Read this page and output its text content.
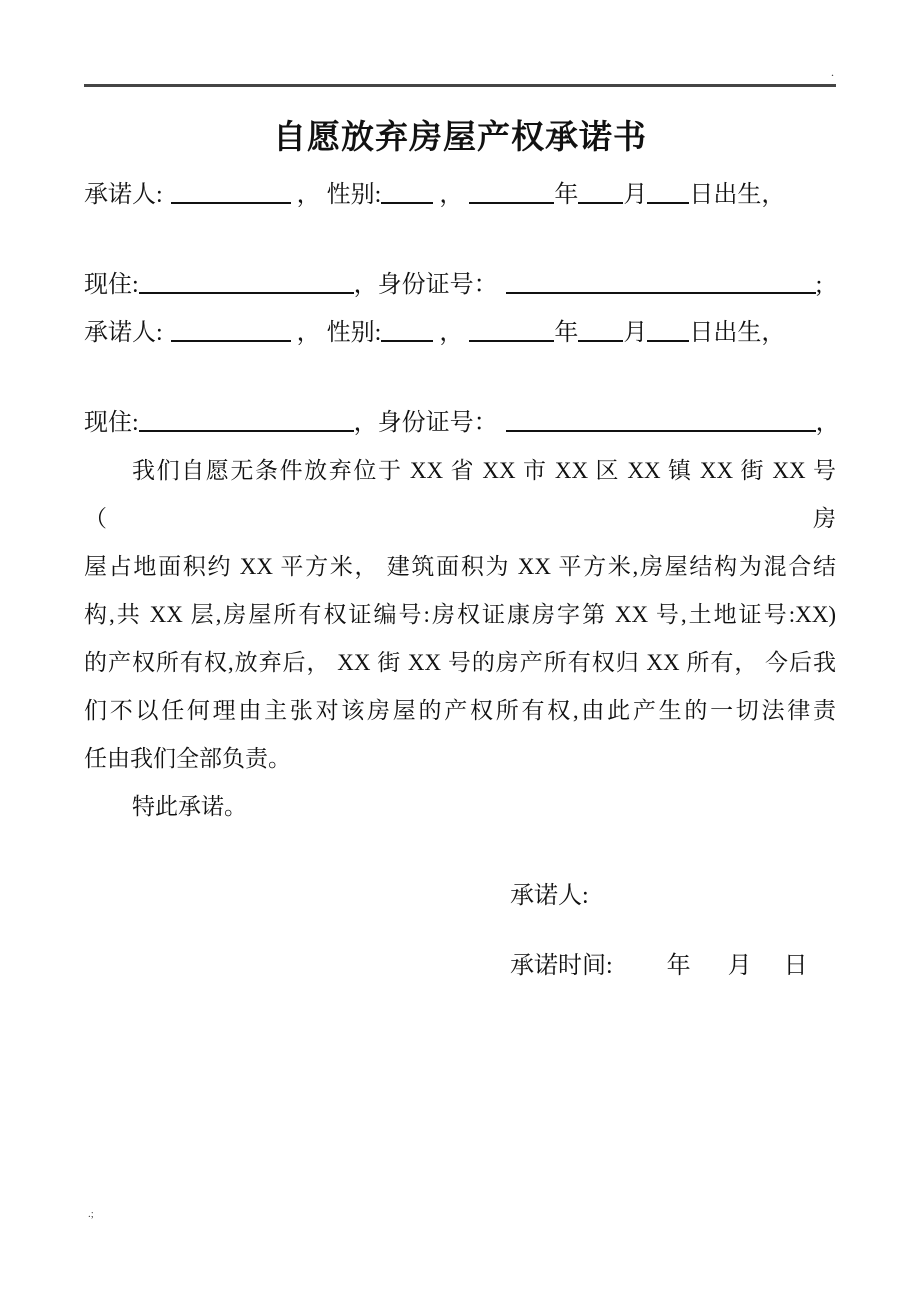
.
自愿放弃房屋产权承诺书
承诺人:	， 性别: ，	年 月 日出生，
现住:	，身份证号：	;
承诺人:	， 性别: ，	年 月 日出生，
现住:	，身份证号：	，
我们自愿无条件放弃位于 XX 省 XX 市 XX 区 XX 镇 XX 街 XX 号（房
屋占地面积约 XX 平方米， 建筑面积为 XX 平方米,房屋结构为混合结
构,共 XX 层,房屋所有权证编号:房权证康房字第 XX 号,土地证号:XX)
的产权所有权,放弃后， XX 街 XX 号的房产所有权归 XX 所有， 今后我
们不以任何理由主张对该房屋的产权所有权,由此产生的一切法律责
任由我们全部负责。
特此承诺。
承诺人:
承诺时间: 年 月 日
.;
